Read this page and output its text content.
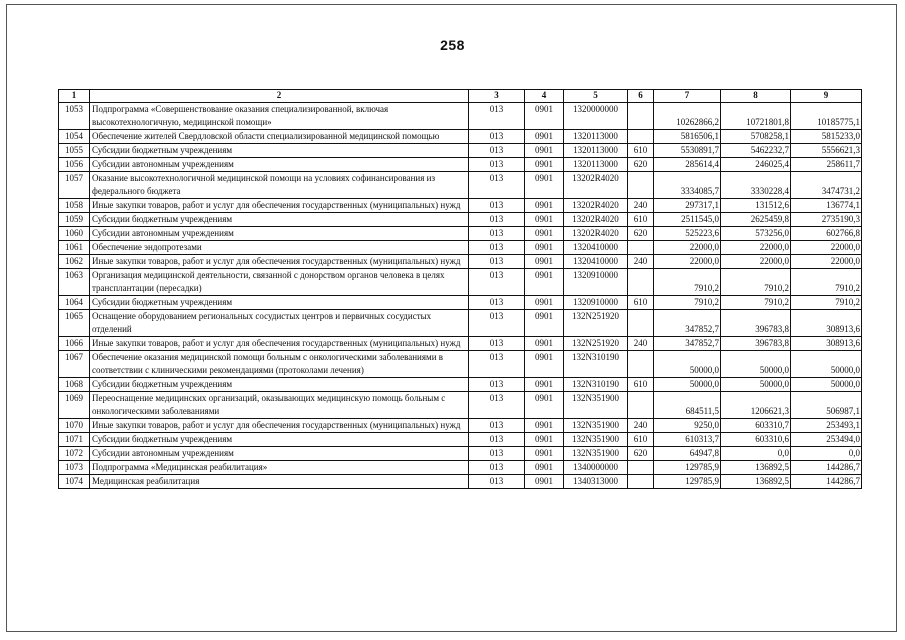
258
1	2	3	4	5	6	7	8	9
1053	Подпрограмма «Совершенствование оказания специализированной, включая высокотехнологичную, медицинской помощи»	013	0901	1320000000		10262866,2	10721801,8	10185775,1
1054	Обеспечение жителей Свердловской области специализированной медицинской помощью	013	0901	1320113000		5816506,1	5708258,1	5815233,0
1055	Субсидии бюджетным учреждениям	013	0901	1320113000	610	5530891,7	5462232,7	5556621,3
1056	Субсидии автономным учреждениям	013	0901	1320113000	620	285614,4	246025,4	258611,7
1057	Оказание высокотехнологичной медицинской помощи на условиях софинансирования из федерального бюджета	013	0901	13202R4020		3334085,7	3330228,4	3474731,2
1058	Иные закупки товаров, работ и услуг для обеспечения государственных (муниципальных) нужд	013	0901	13202R4020	240	297317,1	131512,6	136774,1
1059	Субсидии бюджетным учреждениям	013	0901	13202R4020	610	2511545,0	2625459,8	2735190,3
1060	Субсидии автономным учреждениям	013	0901	13202R4020	620	525223,6	573256,0	602766,8
1061	Обеспечение эндопротезами	013	0901	1320410000		22000,0	22000,0	22000,0
1062	Иные закупки товаров, работ и услуг для обеспечения государственных (муниципальных) нужд	013	0901	1320410000	240	22000,0	22000,0	22000,0
1063	Организация медицинской деятельности, связанной с донорством органов человека в целях трансплантации (пересадки)	013	0901	1320910000		7910,2	7910,2	7910,2
1064	Субсидии бюджетным учреждениям	013	0901	1320910000	610	7910,2	7910,2	7910,2
1065	Оснащение оборудованием региональных сосудистых центров и первичных сосудистых отделений	013	0901	132N251920		347852,7	396783,8	308913,6
1066	Иные закупки товаров, работ и услуг для обеспечения государственных (муниципальных) нужд	013	0901	132N251920	240	347852,7	396783,8	308913,6
1067	Обеспечение оказания медицинской помощи больным с онкологическими заболеваниями в соответствии с клиническими рекомендациями (протоколами лечения)	013	0901	132N310190		50000,0	50000,0	50000,0
1068	Субсидии бюджетным учреждениям	013	0901	132N310190	610	50000,0	50000,0	50000,0
1069	Переоснащение медицинских организаций, оказывающих медицинскую помощь больным с онкологическими заболеваниями	013	0901	132N351900		684511,5	1206621,3	506987,1
1070	Иные закупки товаров, работ и услуг для обеспечения государственных (муниципальных) нужд	013	0901	132N351900	240	9250,0	603310,7	253493,1
1071	Субсидии бюджетным учреждениям	013	0901	132N351900	610	610313,7	603310,6	253494,0
1072	Субсидии автономным учреждениям	013	0901	132N351900	620	64947,8	0,0	0,0
1073	Подпрограмма «Медицинская реабилитация»	013	0901	1340000000		129785,9	136892,5	144286,7
1074	Медицинская реабилитация	013	0901	1340313000		129785,9	136892,5	144286,7
